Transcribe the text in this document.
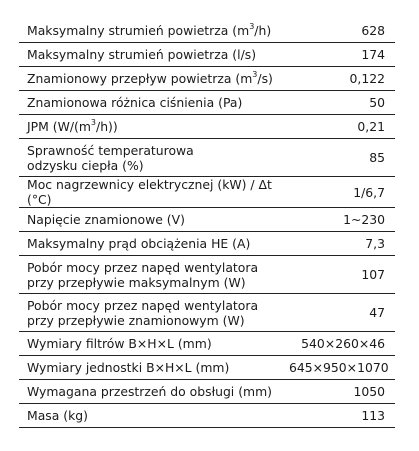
Maksymalny strumień powietrza $(m^3/h)$	628
Maksymalny strumień powietrza (l/s)	174
Znamionowy przepływ powietrza $(m^3/s)$	0,122
Znamionowa różnica ciśnienia (Pa)	50
JPM $(W/(m^3/h))$	0,21
Sprawność temperaturowa
odzysku ciepła (%)	85
Moc nagrzewnicy elektrycznej (kW) / Δt (°C)	1/6,7
Napięcie znamionowe (V)	1~230
Maksymalny prąd obciążenia HE (A)	7,3
Pobór mocy przez napęd wentylatora
przy przepływie maksymalnym (W)	107
Pobór mocy przez napęd wentylatora
przy przepływie znamionowym (W)	47
Wymiary filtrów B×H×L (mm)	540×260×46
Wymiary jednostki B×H×L (mm)	645×950×1070
Wymagana przestrzeń do obsługi (mm)	1050
Masa (kg)	113
